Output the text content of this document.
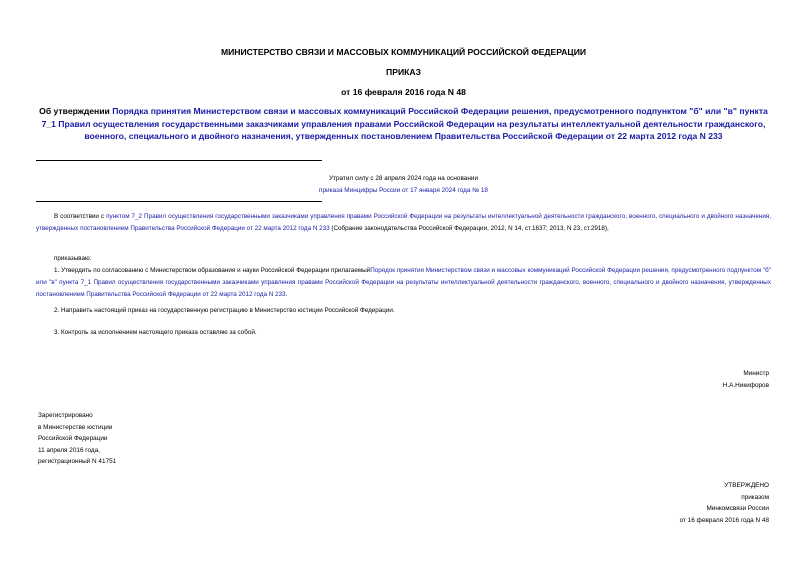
МИНИСТЕРСТВО СВЯЗИ И МАССОВЫХ КОММУНИКАЦИЙ РОССИЙСКОЙ ФЕДЕРАЦИИ
ПРИКАЗ
от 16 февраля 2016 года N 48
Об утверждении Порядка принятия Министерством связи и массовых коммуникаций Российской Федерации решения, предусмотренного подпунктом "б" или "в" пункта 7_1 Правил осуществления государственными заказчиками управления правами Российской Федерации на результаты интеллектуальной деятельности гражданского, военного, специального и двойного назначения, утвержденных постановлением Правительства Российской Федерации от 22 марта 2012 года N 233
Утратил силу с 28 апреля 2024 года на основании
приказа Минцифры России от 17 января 2024 года № 18
В соответствии с пунктом 7_2 Правил осуществления государственными заказчиками управления правами Российской Федерации на результаты интеллектуальной деятельности гражданского, военного, специального и двойного назначения, утвержденных постановлением Правительства Российской Федерации от 22 марта 2012 года N 233 (Собрание законодательства Российской Федерации, 2012, N 14, ст.1637; 2013, N 23, ст.2918),
приказываю:
1. Утвердить по согласованию с Министерством образования и науки Российской Федерации прилагаемыйПорядок принятия Министерством связи и массовых коммуникаций Российской Федерации решения, предусмотренного подпунктом "б" или "в" пункта 7_1 Правил осуществления государственными заказчиками управления правами Российской Федерации на результаты интеллектуальной деятельности гражданского, военного, специального и двойного назначения, утвержденных постановлением Правительства Российской Федерации от 22 марта 2012 года N 233.
2. Направить настоящий приказ на государственную регистрацию в Министерство юстиции Российской Федерации.
3. Контроль за исполнением настоящего приказа оставляю за собой.
Министр
Н.А.Никифоров
Зарегистрировано
в Министерстве юстиции
Российской Федерации
11 апреля 2016 года,
регистрационный N 41751
УТВЕРЖДЕНО
приказом
Минкомсвязи России
от 16 февраля 2016 года N 48
